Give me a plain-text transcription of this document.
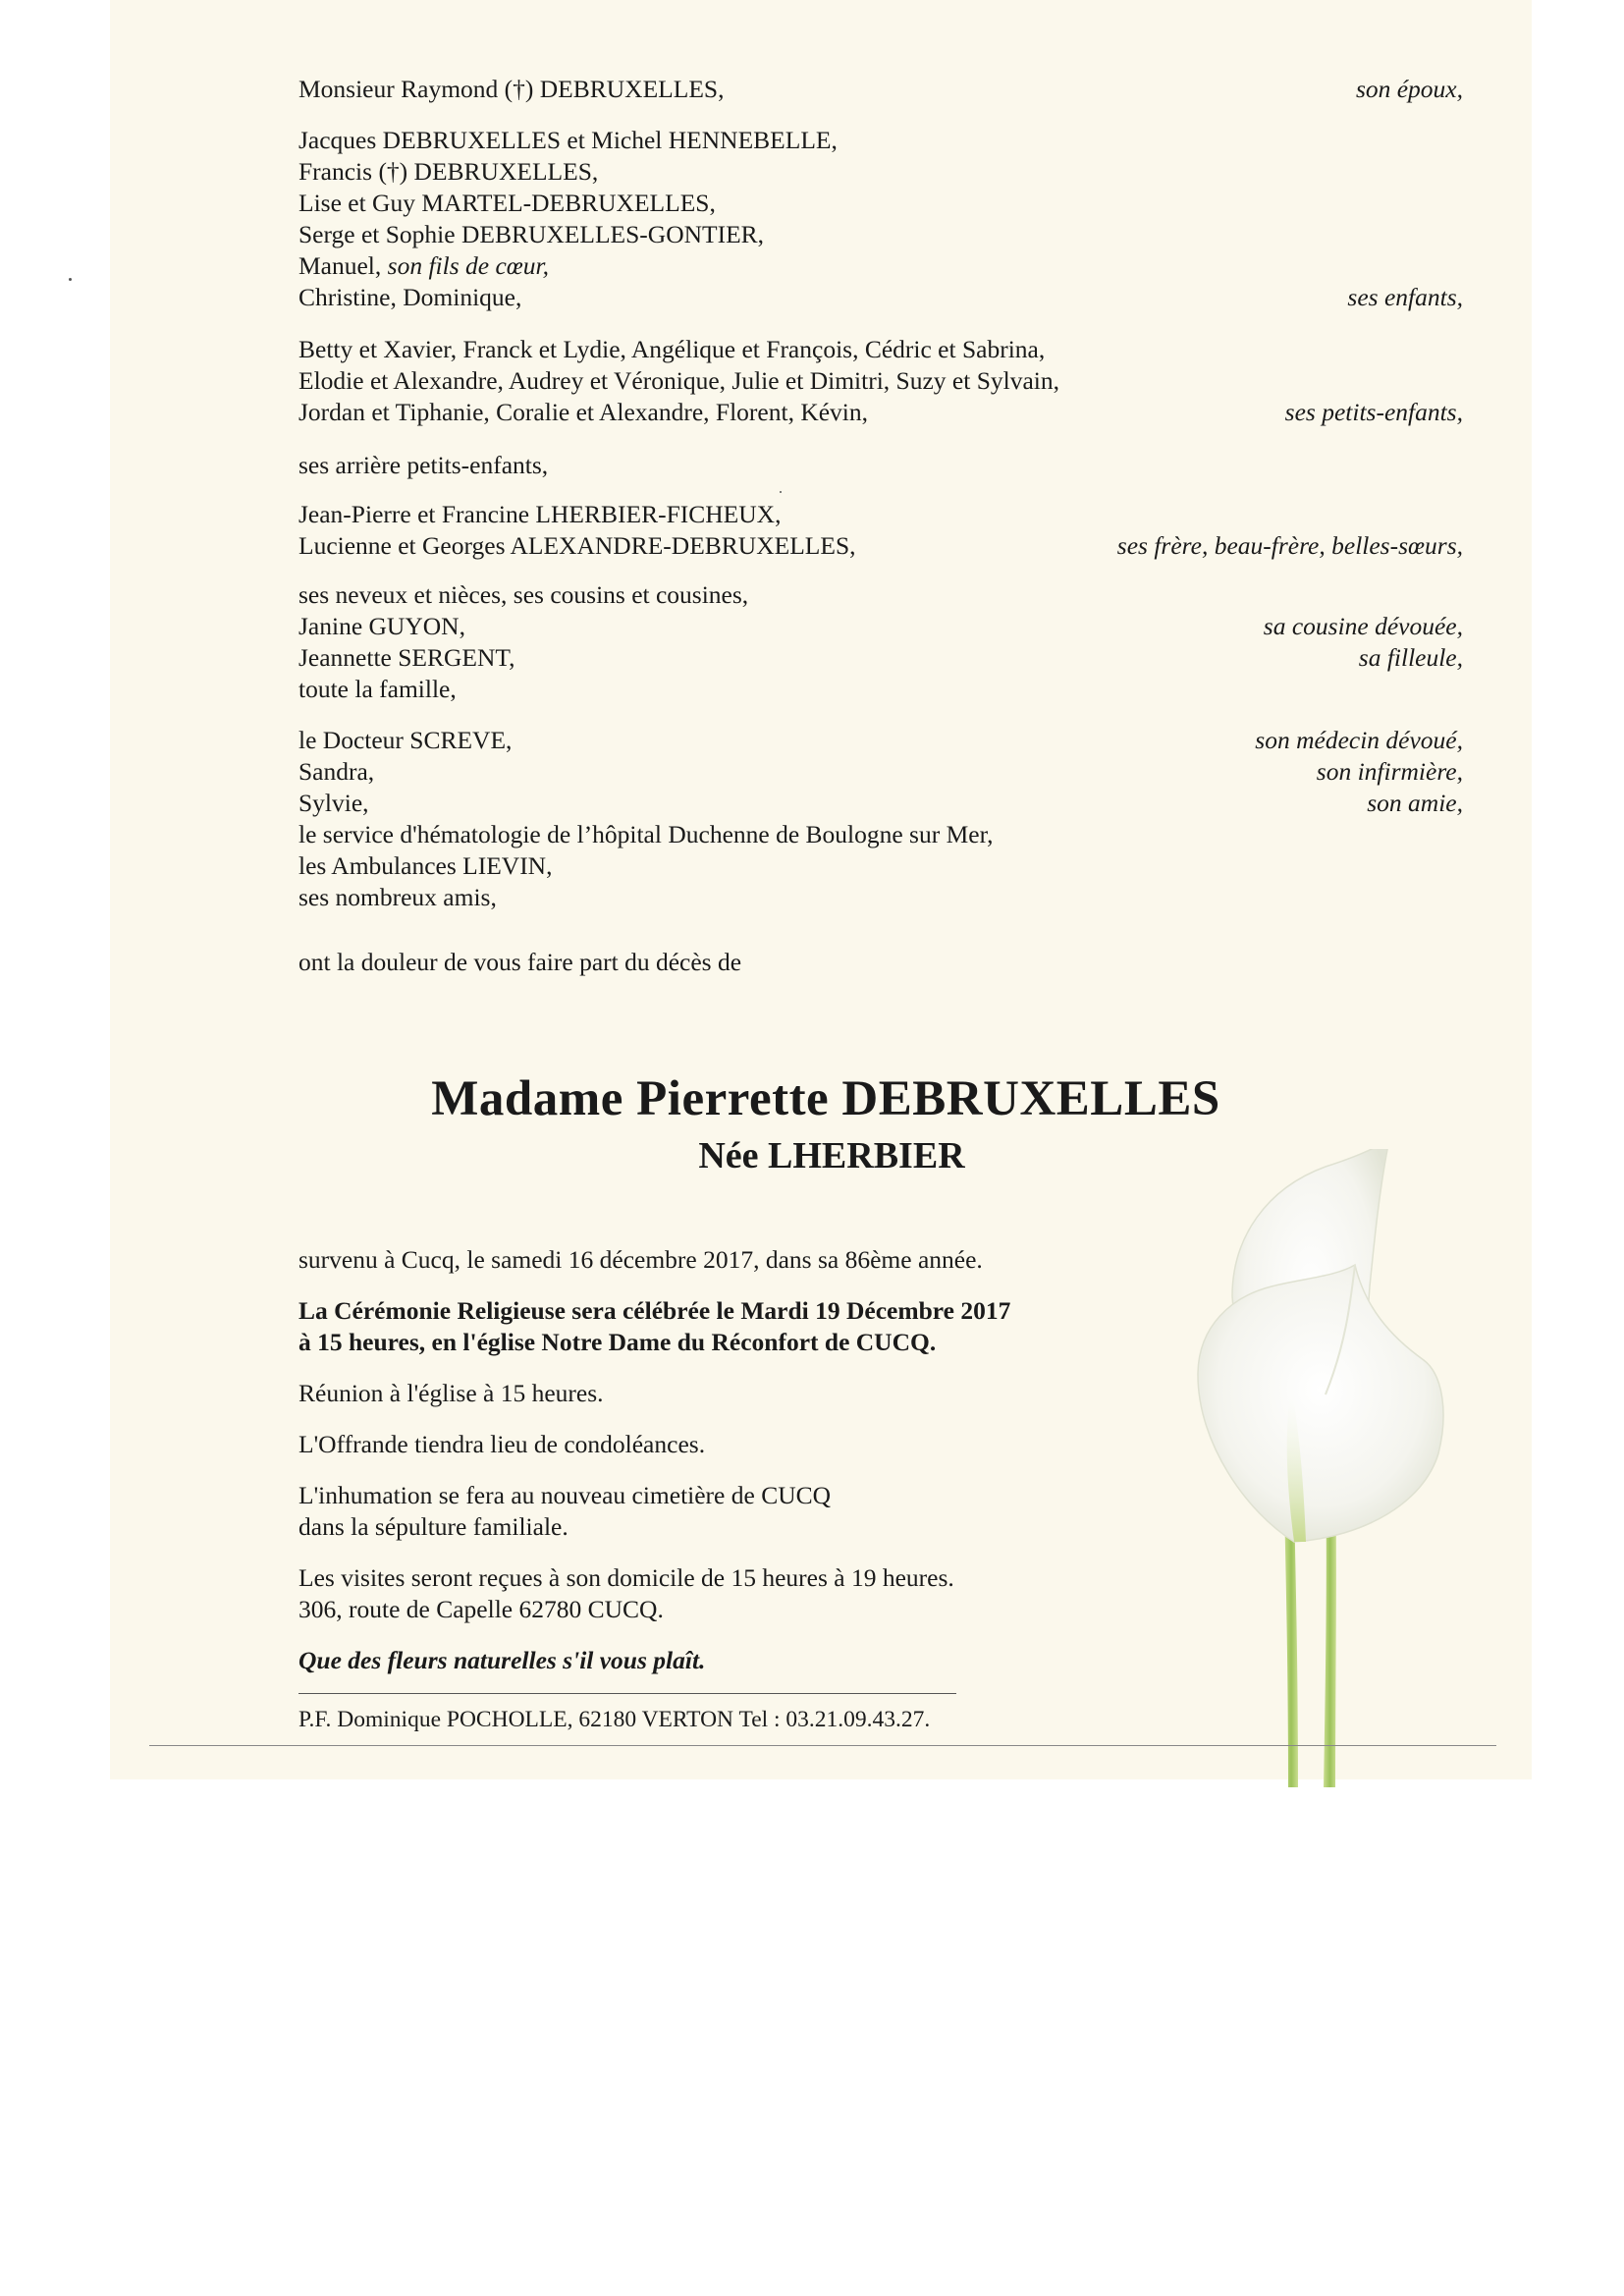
Monsieur Raymond (†) DEBRUXELLES,	son époux,
Jacques DEBRUXELLES et Michel HENNEBELLE,
Francis (†) DEBRUXELLES,
Lise et Guy MARTEL-DEBRUXELLES,
Serge et Sophie DEBRUXELLES-GONTIER,
Manuel, son fils de cœur,
Christine, Dominique,	ses enfants,
Betty et Xavier, Franck et Lydie, Angélique et François, Cédric et Sabrina,
Elodie et Alexandre, Audrey et Véronique, Julie et Dimitri, Suzy et Sylvain,
Jordan et Tiphanie, Coralie et Alexandre, Florent, Kévin,	ses petits-enfants,
ses arrière petits-enfants,
Jean-Pierre et Francine LHERBIER-FICHEUX,
Lucienne et Georges ALEXANDRE-DEBRUXELLES,	ses frère, beau-frère, belles-sœurs,
ses neveux et nièces, ses cousins et cousines,
Janine GUYON,	sa cousine dévouée,
Jeannette SERGENT,	sa filleule,
toute la famille,
le Docteur SCREVE,	son médecin dévoué,
Sandra,	son infirmière,
Sylvie,	son amie,
le service d'hématologie de l’hôpital Duchenne de Boulogne sur Mer,
les Ambulances LIEVIN,
ses nombreux amis,
ont la douleur de vous faire part du décès de
Madame Pierrette DEBRUXELLES
Née LHERBIER

survenu à Cucq, le samedi 16 décembre 2017, dans sa 86ème année.

La Cérémonie Religieuse sera célébrée le Mardi 19 Décembre 2017
à 15 heures, en l'église Notre Dame du Réconfort de CUCQ.

Réunion à l'église à 15 heures.

L'Offrande tiendra lieu de condoléances.

L'inhumation se fera au nouveau cimetière de CUCQ
dans la sépulture familiale.

Les visites seront reçues à son domicile de 15 heures à 19 heures.
306, route de Capelle 62780 CUCQ.

Que des fleurs naturelles s'il vous plaît.

P.F. Dominique POCHOLLE, 62180 VERTON Tel : 03.21.09.43.27.
